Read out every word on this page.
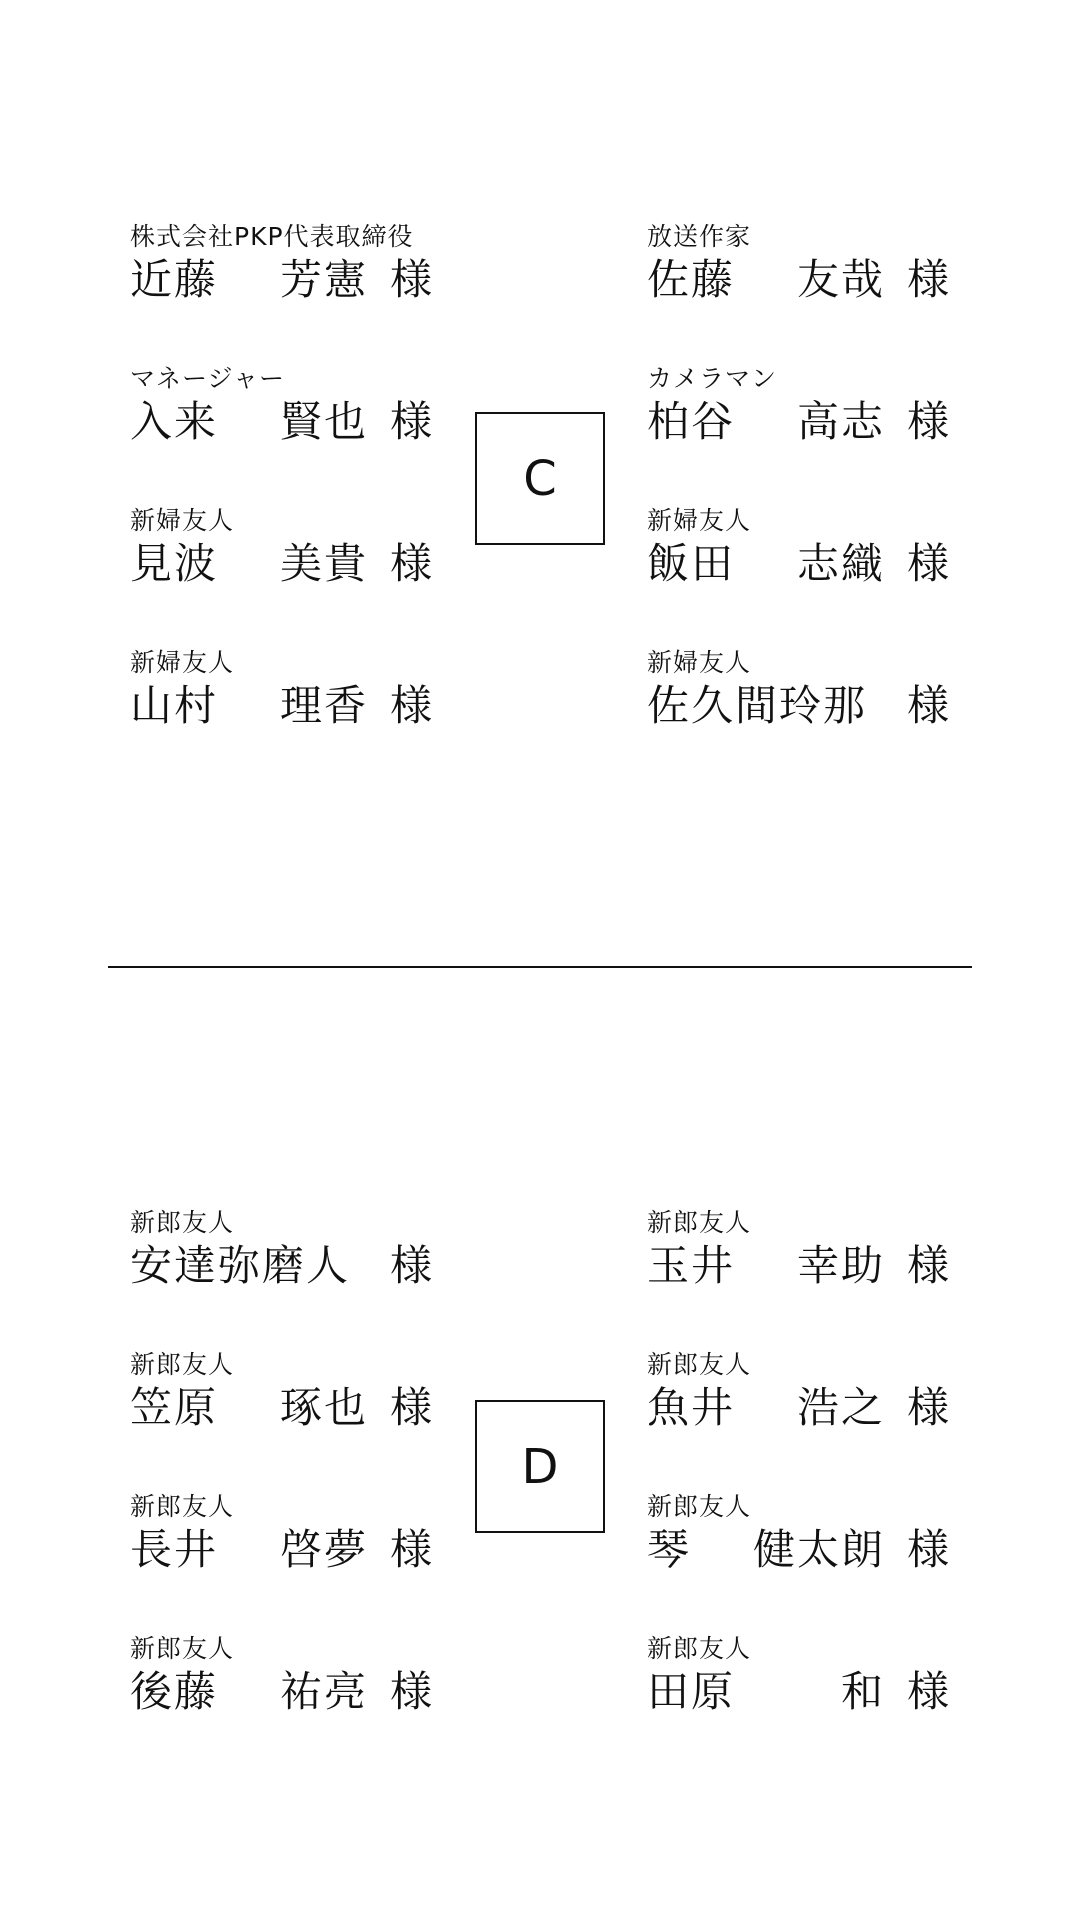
株式会社PKP代表取締役
近藤 芳憲 様
マネージャー
入来 賢也 様
新婦友人
見波 美貴 様
新婦友人
山村 理香 様
C
放送作家
佐藤 友哉 様
カメラマン
柏谷 高志 様
新婦友人
飯田 志織 様
新婦友人
佐久間玲那 様
新郎友人
安達弥磨人 様
新郎友人
笠原 琢也 様
新郎友人
長井 啓夢 様
新郎友人
後藤 祐亮 様
D
新郎友人
玉井 幸助 様
新郎友人
魚井 浩之 様
新郎友人
琴 健太朗 様
新郎友人
田原	和 様
